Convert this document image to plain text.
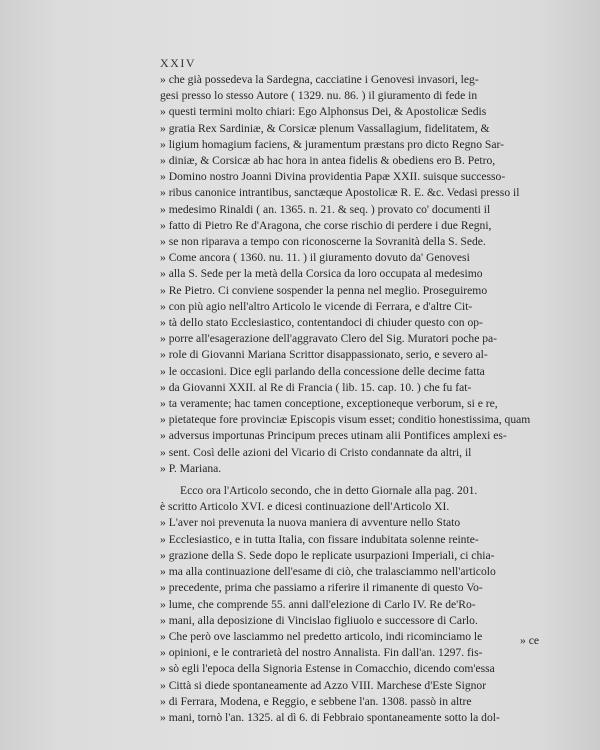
XXIV
» che già possedeva la Sardegna, cacciatine i Genovesi invasori, leg-
gesi presso lo stesso Autore ( 1329. nu. 86. ) il giuramento di fede in
» questi termini molto chiari: Ego Alphonsus Dei, & Apostolicæ Sedis
» gratia Rex Sardiniæ, & Corsicæ plenum Vassallagium, fidelitatem, &
» ligium homagium faciens, & juramentum præstans pro dicto Regno Sar-
» diniæ, & Corsicæ ab hac hora in antea fidelis & obediens ero B. Petro,
» Domino nostro Joanni Divina providentia Papæ XXII. suisque successo-
» ribus canonice intrantibus, sanctæque Apostolicæ R. E. &c. Vedasi presso il
» medesimo Rinaldi ( an. 1365. n. 21. & seq. ) provato co' documenti il
» fatto di Pietro Re d'Aragona, che corse rischio di perdere i due Regni,
» se non riparava a tempo con riconoscerne la Sovranità della S. Sede.
» Come ancora ( 1360. nu. 11. ) il giuramento dovuto da' Genovesi
» alla S. Sede per la metà della Corsica da loro occupata al medesimo
» Re Pietro. Ci conviene sospender la penna nel meglio. Proseguiremo
» con più agio nell'altro Articolo le vicende di Ferrara, e d'altre Cit-
» tà dello stato Ecclesiastico, contentandoci di chiuder questo con op-
» porre all'esagerazione dell'aggravato Clero del Sig. Muratori poche pa-
» role di Giovanni Mariana Scrittor disappassionato, serio, e severo al-
» le occasioni. Dice egli parlando della concessione delle decime fatta
» da Giovanni XXII. al Re di Francia ( lib. 15. cap. 10. ) che fu fat-
» ta veramente; hac tamen conceptione, exceptioneque verborum, si e re,
» pietateque fore provinciæ Episcopis visum esset; conditio honestissima, quam
» adversus importunas Principum preces utinam alii Pontifices amplexi es-
» sent. Così delle azioni del Vicario di Cristo condannate da altri, il
» P. Mariana.
Ecco ora l'Articolo secondo, che in detto Giornale alla pag. 201.
è scritto Articolo XVI. e dicesi continuazione dell'Articolo XI.
» L'aver noi prevenuta la nuova maniera di avventure nello Stato
» Ecclesiastico, e in tutta Italia, con fissare indubitata solenne reinte-
» grazione della S. Sede dopo le replicate usurpazioni Imperiali, ci chia-
» ma alla continuazione dell'esame di ciò, che tralasciammo nell'articolo
» precedente, prima che passiamo a riferire il rimanente di questo Vo-
» lume, che comprende 55. anni dall'elezione di Carlo IV. Re de'Ro-
» mani, alla deposizione di Vincislao figliuolo e successore di Carlo.
» Che però ove lasciammo nel predetto articolo, indi ricominciamo le
» opinioni, e le contrarietà del nostro Annalista. Fin dall'an. 1297. fis-
» sò egli l'epoca della Signoria Estense in Comacchio, dicendo com'essa
» Città si diede spontaneamente ad Azzo VIII. Marchese d'Este Signor
» di Ferrara, Modena, e Reggio, e sebbene l'an. 1308. passò in altre
» mani, tornò l'an. 1325. al dì 6. di Febbraio spontaneamente sotto la dol-
» ce
